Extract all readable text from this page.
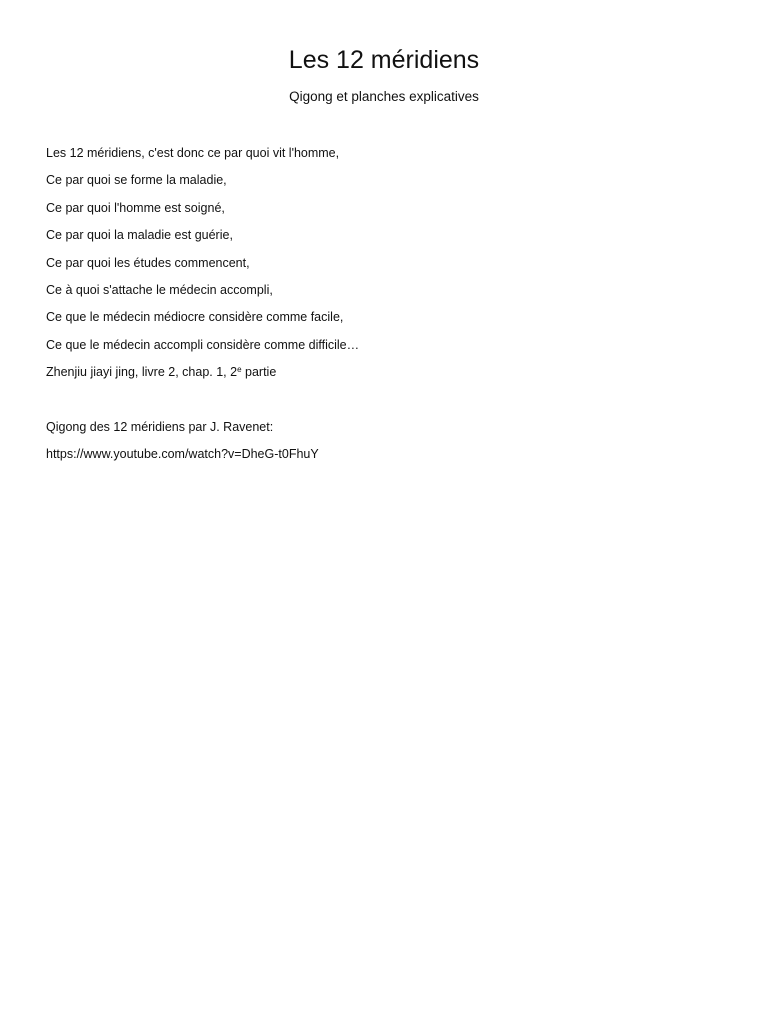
Les 12 méridiens
Qigong et planches explicatives
Les 12 méridiens, c'est donc ce par quoi vit l'homme,
Ce par quoi se forme la maladie,
Ce par quoi l'homme est soigné,
Ce par quoi la maladie est guérie,
Ce par quoi les études commencent,
Ce à quoi s'attache le médecin accompli,
Ce que le médecin médiocre considère comme facile,
Ce que le médecin accompli considère comme difficile…
Zhenjiu jiayi jing, livre 2, chap. 1, 2e partie
Qigong des 12 méridiens par J. Ravenet:
https://www.youtube.com/watch?v=DheG-t0FhuY
